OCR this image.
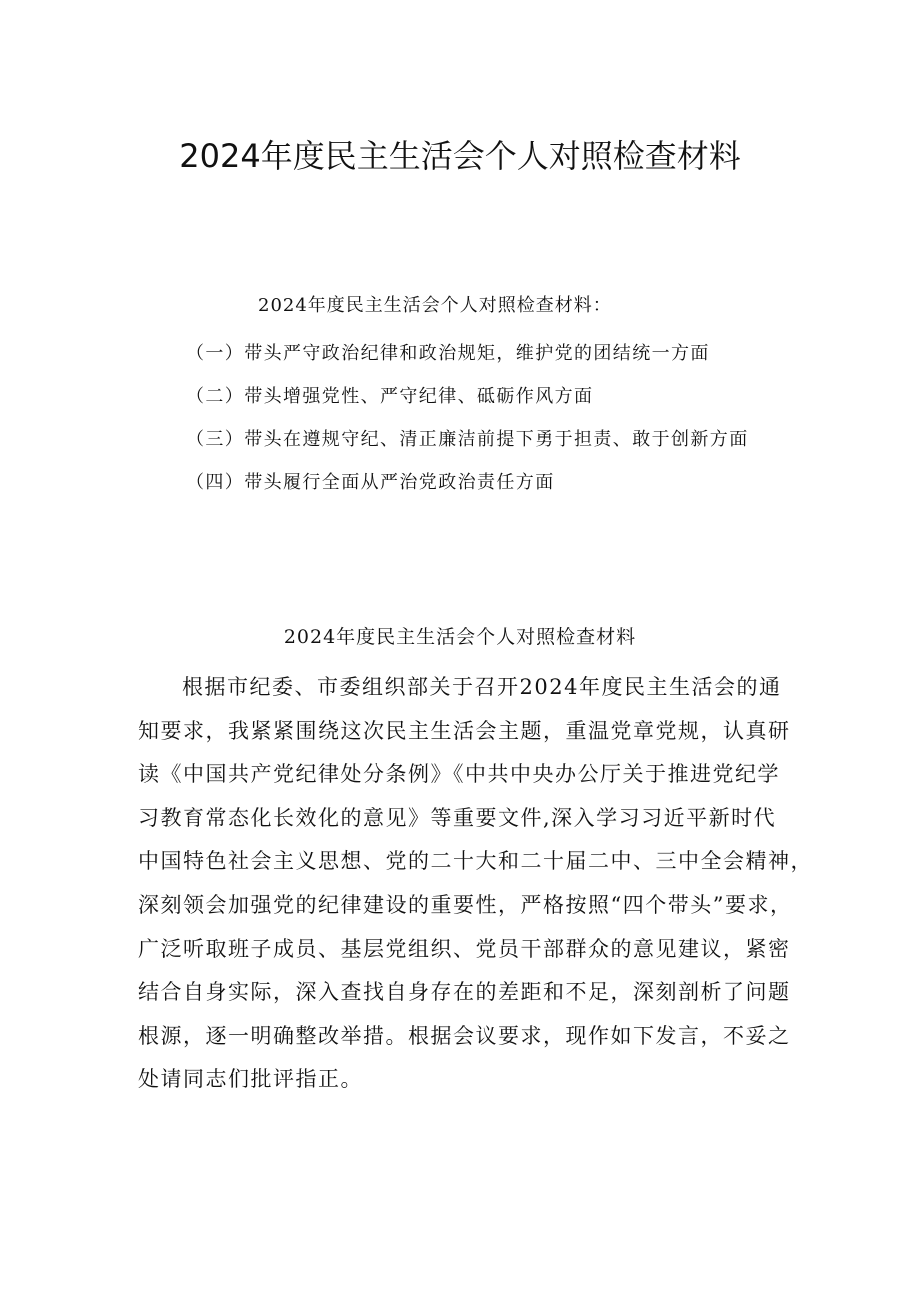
2024年度民主生活会个人对照检查材料
2024年度民主生活会个人对照检查材料：
（一）带头严守政治纪律和政治规矩，维护党的团结统一方面
（二）带头增强党性、严守纪律、砥砺作风方面
（三）带头在遵规守纪、清正廉洁前提下勇于担责、敢于创新方面
（四）带头履行全面从严治党政治责任方面
2024年度民主生活会个人对照检查材料
根据市纪委、市委组织部关于召开2024年度民主生活会的通
知要求，我紧紧围绕这次民主生活会主题，重温党章党规，认真研
读《中国共产党纪律处分条例》《中共中央办公厅关于推进党纪学
习教育常态化长效化的意见》等重要文件,深入学习习近平新时代
中国特色社会主义思想、党的二十大和二十届二中、三中全会精神，
深刻领会加强党的纪律建设的重要性，严格按照“四个带头”要求，
广泛听取班子成员、基层党组织、党员干部群众的意见建议，紧密
结合自身实际，深入查找自身存在的差距和不足，深刻剖析了问题
根源，逐一明确整改举措。根据会议要求，现作如下发言，不妥之
处请同志们批评指正。
